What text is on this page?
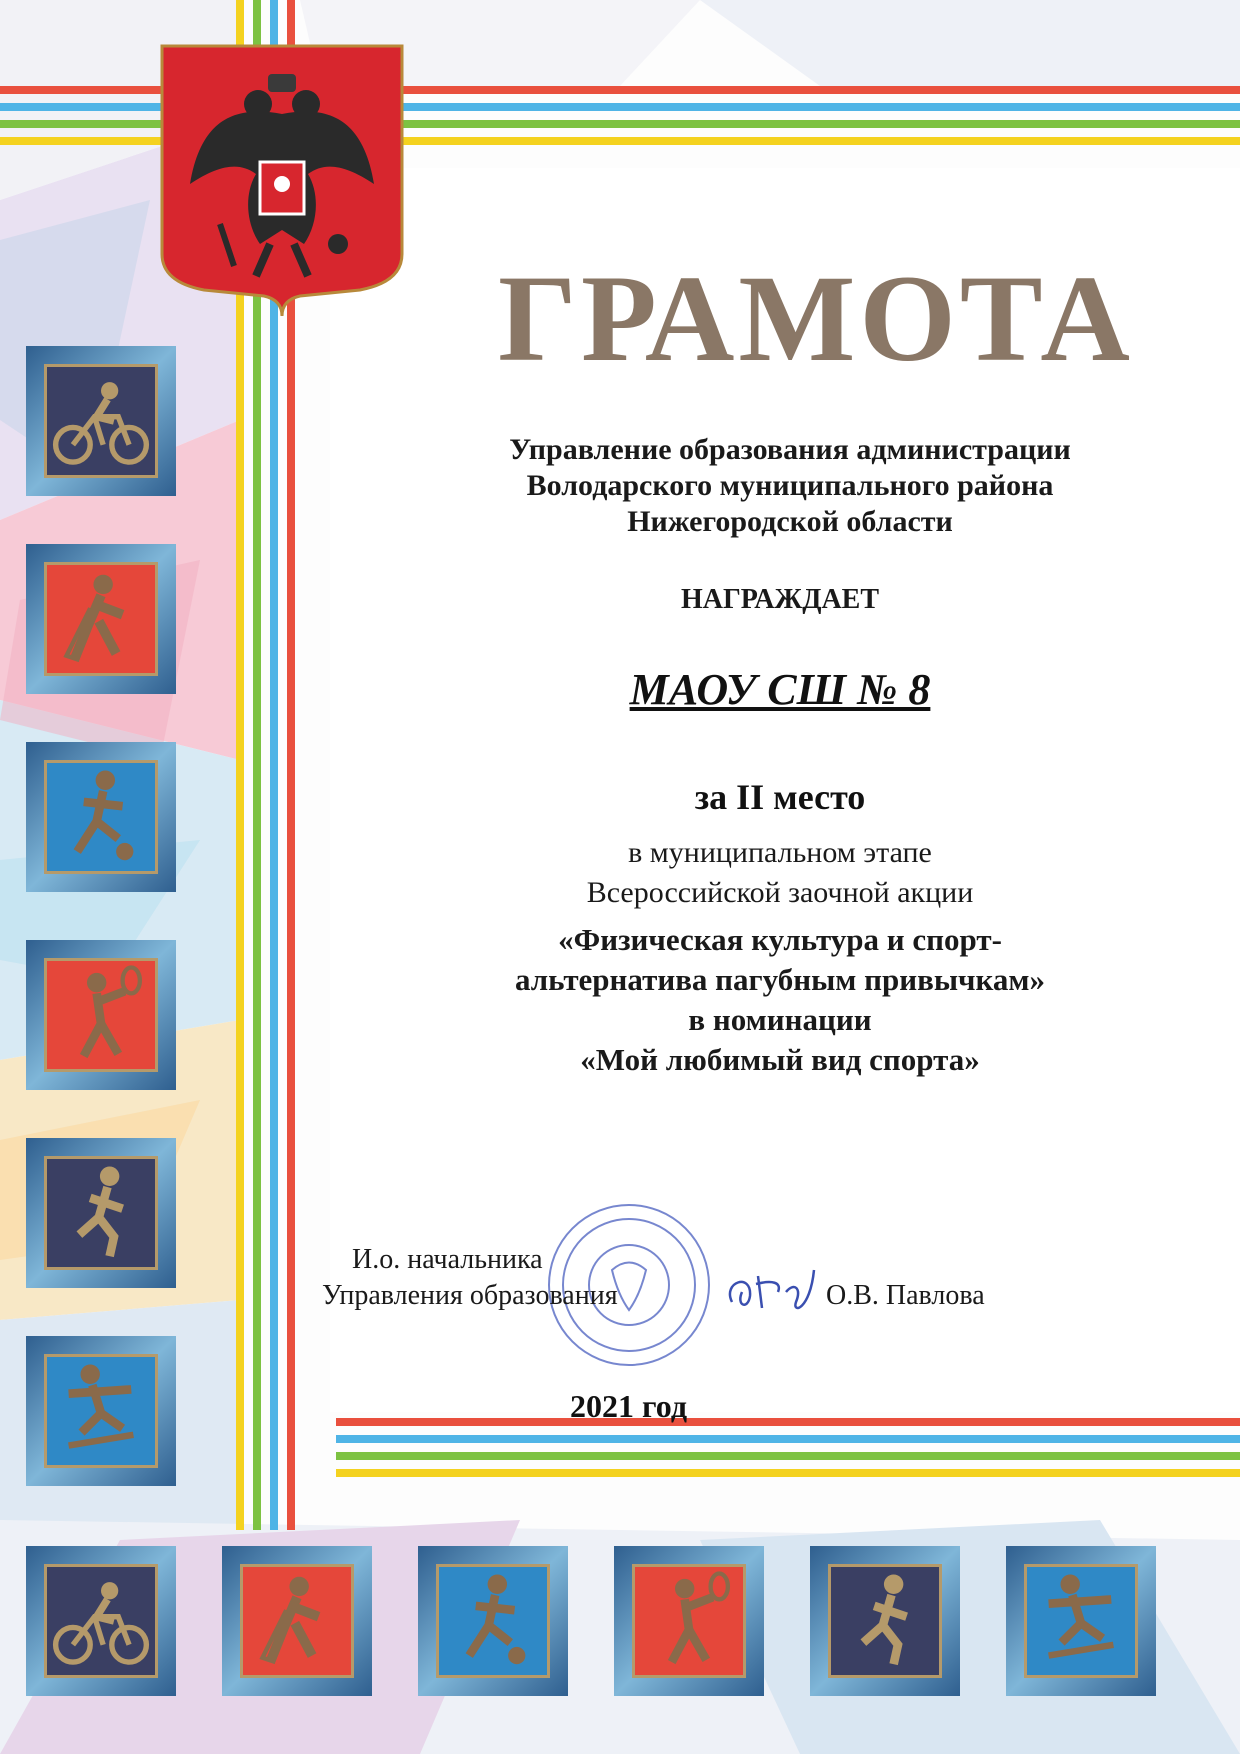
ГРАМОТА
Управление образования администрации
Володарского муниципального района
Нижегородской области
НАГРАЖДАЕТ
МАОУ СШ № 8
за II место
в муниципальном этапе
Всероссийской заочной акции
«Физическая культура и спорт-
альтернатива пагубным привычкам»
в номинации
«Мой любимый вид спорта»
И.о. начальника
Управления образования	О.В. Павлова
2021 год
